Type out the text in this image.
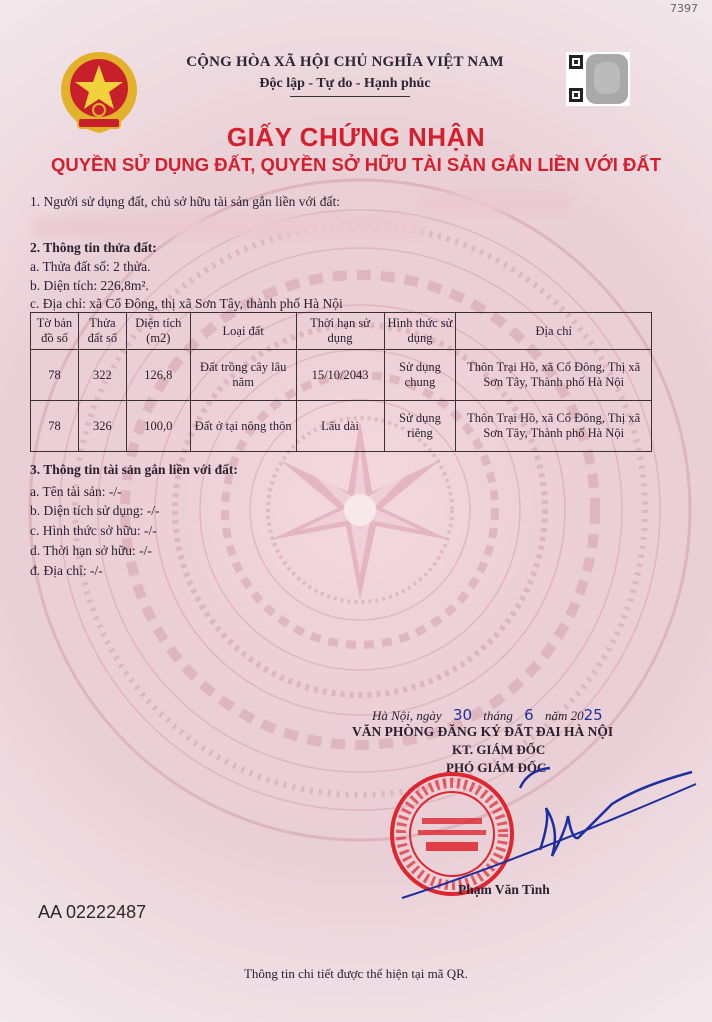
7397
CỘNG HÒA XÃ HỘI CHỦ NGHĨA VIỆT NAM
Độc lập - Tự do - Hạnh phúc
GIẤY CHỨNG NHẬN
QUYỀN SỬ DỤNG ĐẤT, QUYỀN SỞ HỮU TÀI SẢN GẮN LIỀN VỚI ĐẤT
1. Người sử dụng đất, chủ sở hữu tài sản gắn liền với đất:
2. Thông tin thửa đất:
a. Thửa đất số: 2 thửa.
b. Diện tích: 226,8m².
c. Địa chỉ: xã Cổ Đông, thị xã Sơn Tây, thành phố Hà Nội
Tờ bản đồ số	Thửa đất số	Diện tích (m2)	Loại đất	Thời hạn sử dụng	Hình thức sử dụng	Địa chỉ
78	322	126,8	Đất trồng cây lâu năm	15/10/2043	Sử dụng chung	Thôn Trại Hồ, xã Cổ Đông, Thị xã Sơn Tây, Thành phố Hà Nội
78	326	100,0	Đất ở tại nông thôn	Lâu dài	Sử dụng riêng	Thôn Trại Hồ, xã Cổ Đông, Thị xã Sơn Tây, Thành phố Hà Nội
3. Thông tin tài sản gắn liền với đất:
a. Tên tài sản: -/-
b. Diện tích sử dụng: -/-
c. Hình thức sở hữu: -/-
d. Thời hạn sở hữu: -/-
đ. Địa chỉ: -/-
Hà Nội, ngày 30 tháng 6 năm 2025
VĂN PHÒNG ĐĂNG KÝ ĐẤT ĐAI HÀ NỘI
KT. GIÁM ĐỐC
PHÓ GIÁM ĐỐC
Phạm Văn Tình
AA 02222487
Thông tin chi tiết được thể hiện tại mã QR.
